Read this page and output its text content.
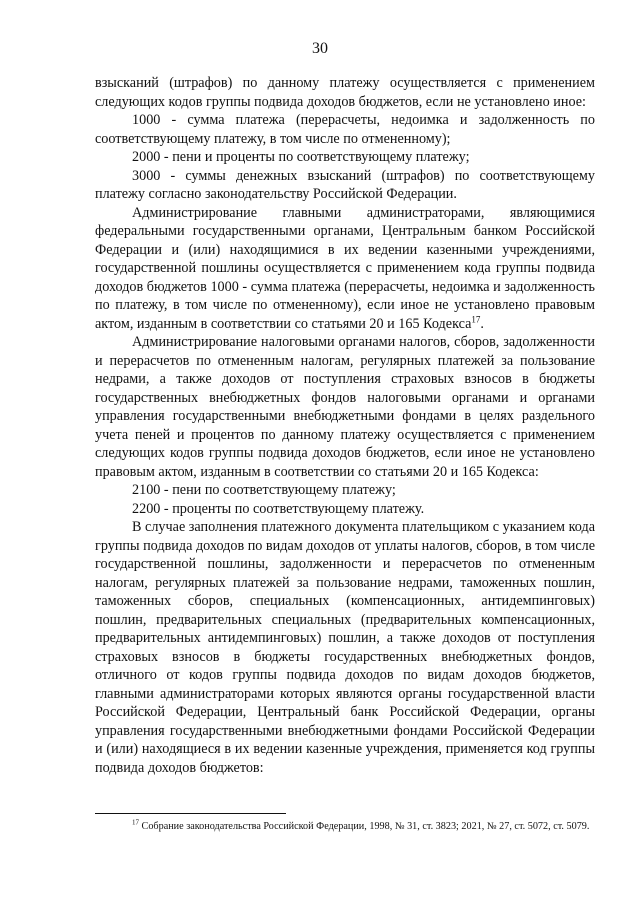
30

взысканий (штрафов) по данному платежу осуществляется с применением следующих кодов группы подвида доходов бюджетов, если не установлено иное:

1000 - сумма платежа (перерасчеты, недоимка и задолженность по соответствующему платежу, в том числе по отмененному);

2000 - пени и проценты по соответствующему платежу;

3000 - суммы денежных взысканий (штрафов) по соответствующему платежу согласно законодательству Российской Федерации.

Администрирование главными администраторами, являющимися федеральными государственными органами, Центральным банком Российской Федерации и (или) находящимися в их ведении казенными учреждениями, государственной пошлины осуществляется с применением кода группы подвида доходов бюджетов 1000 - сумма платежа (перерасчеты, недоимка и задолженность по платежу, в том числе по отмененному), если иное не установлено правовым актом, изданным в соответствии со статьями 20 и 165 Кодекса$^{17}$.

Администрирование налоговыми органами налогов, сборов, задолженности и перерасчетов по отмененным налогам, регулярных платежей за пользование недрами, а также доходов от поступления страховых взносов в бюджеты государственных внебюджетных фондов налоговыми органами и органами управления государственными внебюджетными фондами в целях раздельного учета пеней и процентов по данному платежу осуществляется с применением следующих кодов группы подвида доходов бюджетов, если иное не установлено правовым актом, изданным в соответствии со статьями 20 и 165 Кодекса:

2100 - пени по соответствующему платежу;

2200 - проценты по соответствующему платежу.

В случае заполнения платежного документа плательщиком с указанием кода группы подвида доходов по видам доходов от уплаты налогов, сборов, в том числе государственной пошлины, задолженности и перерасчетов по отмененным налогам, регулярных платежей за пользование недрами, таможенных пошлин, таможенных сборов, специальных (компенсационных, антидемпинговых) пошлин, предварительных специальных (предварительных компенсационных, предварительных антидемпинговых) пошлин, а также доходов от поступления страховых взносов в бюджеты государственных внебюджетных фондов, отличного от кодов группы подвида доходов по видам доходов бюджетов, главными администраторами которых являются органы государственной власти Российской Федерации, Центральный банк Российской Федерации, органы управления государственными внебюджетными фондами Российской Федерации и (или) находящиеся в их ведении казенные учреждения, применяется код группы подвида доходов бюджетов:

$^{17}$ Собрание законодательства Российской Федерации, 1998, № 31, ст. 3823; 2021, № 27, ст. 5072, ст. 5079.
